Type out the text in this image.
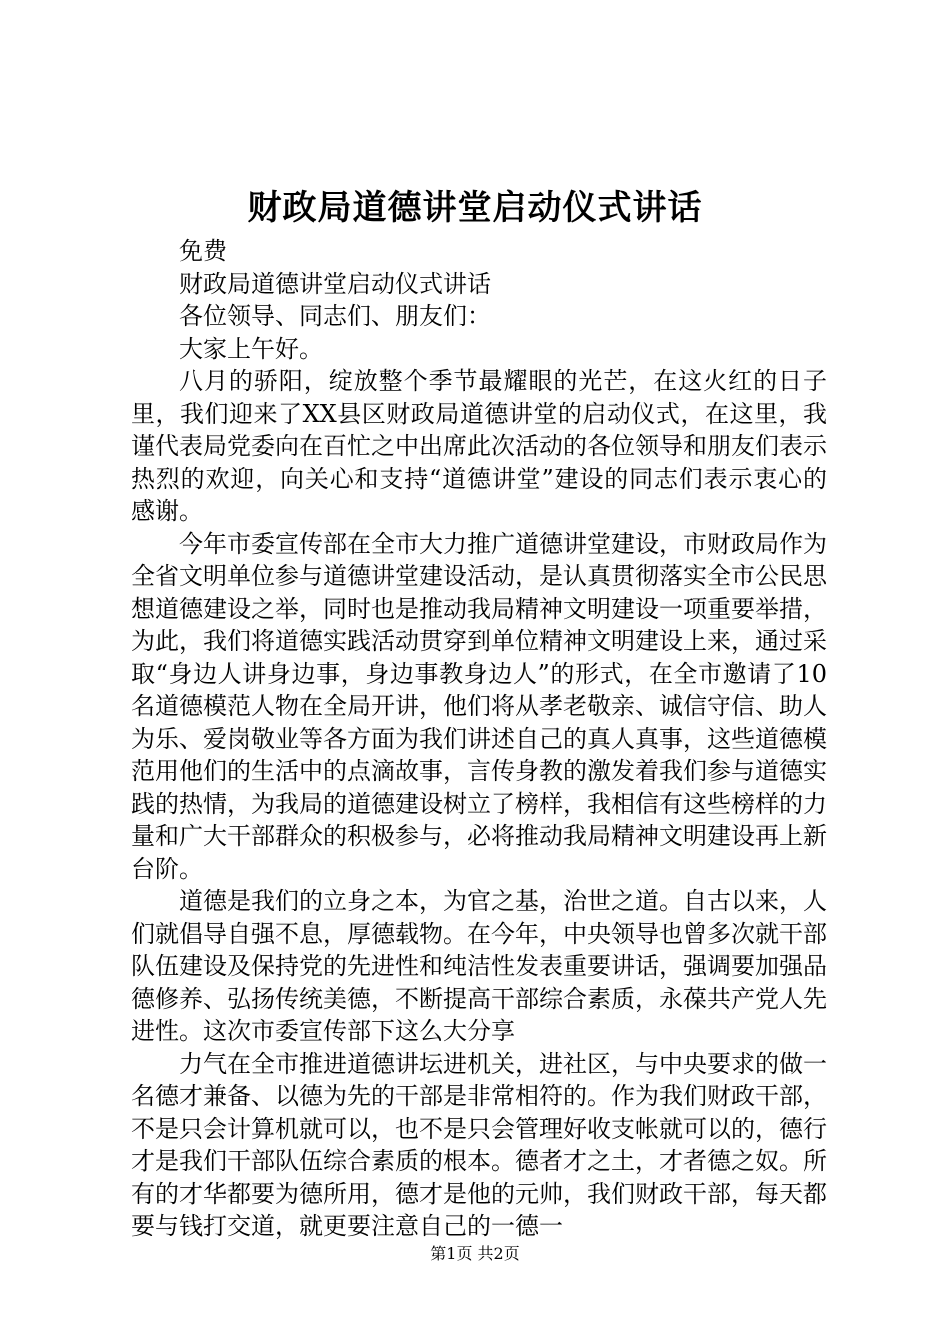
财政局道德讲堂启动仪式讲话

免费

财政局道德讲堂启动仪式讲话

各位领导、同志们、朋友们：

大家上午好。

八月的骄阳，绽放整个季节最耀眼的光芒，在这火红的日子里，我们迎来了XX县区财政局道德讲堂的启动仪式，在这里，我谨代表局党委向在百忙之中出席此次活动的各位领导和朋友们表示热烈的欢迎，向关心和支持“道德讲堂”建设的同志们表示衷心的感谢。

今年市委宣传部在全市大力推广道德讲堂建设，市财政局作为全省文明单位参与道德讲堂建设活动，是认真贯彻落实全市公民思想道德建设之举，同时也是推动我局精神文明建设一项重要举措，为此，我们将道德实践活动贯穿到单位精神文明建设上来，通过采取“身边人讲身边事，身边事教身边人”的形式，在全市邀请了10名道德模范人物在全局开讲，他们将从孝老敬亲、诚信守信、助人为乐、爱岗敬业等各方面为我们讲述自己的真人真事，这些道德模范用他们的生活中的点滴故事，言传身教的激发着我们参与道德实践的热情，为我局的道德建设树立了榜样，我相信有这些榜样的力量和广大干部群众的积极参与，必将推动我局精神文明建设再上新台阶。

道德是我们的立身之本，为官之基，治世之道。自古以来，人们就倡导自强不息，厚德载物。在今年，中央领导也曾多次就干部队伍建设及保持党的先进性和纯洁性发表重要讲话，强调要加强品德修养、弘扬传统美德，不断提高干部综合素质，永葆共产党人先进性。这次市委宣传部下这么大分享

力气在全市推进道德讲坛进机关，进社区，与中央要求的做一名德才兼备、以德为先的干部是非常相符的。作为我们财政干部，不是只会计算机就可以，也不是只会管理好收支帐就可以的，德行才是我们干部队伍综合素质的根本。德者才之土，才者德之奴。所有的才华都要为德所用，德才是他的元帅，我们财政干部，每天都要与钱打交道，就更要注意自己的一德一

第1页 共2页
